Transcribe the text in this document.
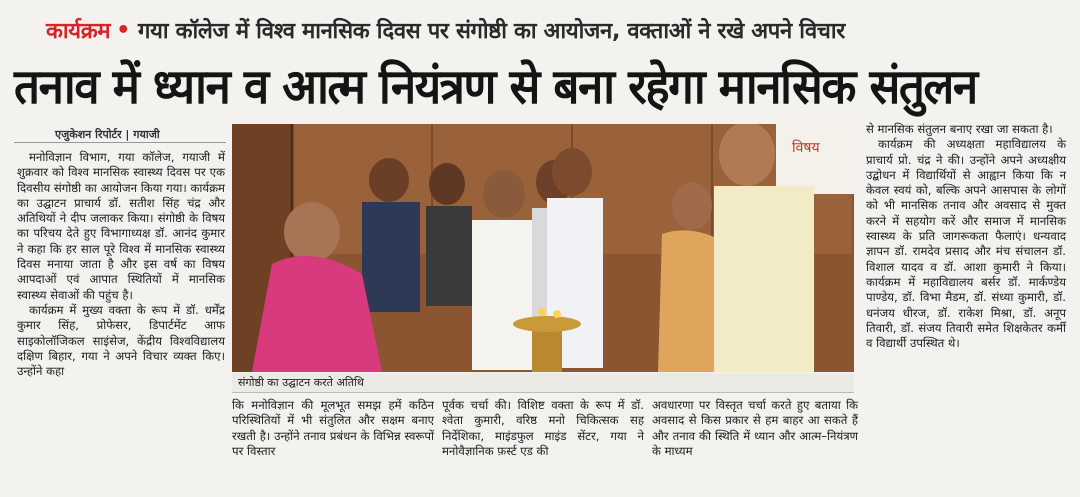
कार्यक्रम • गया कॉलेज में विश्व मानसिक दिवस पर संगोष्ठी का आयोजन, वक्ताओं ने रखे अपने विचार
तनाव में ध्यान व आत्म नियंत्रण से बना रहेगा मानसिक संतुलन
एजुकेशन रिपोर्टर | गयाजी

मनोविज्ञान विभाग, गया कॉलेज, गयाजी में शुक्रवार को विश्व मानसिक स्वास्थ्य दिवस पर एक दिवसीय संगोष्ठी का आयोजन किया गया। कार्यक्रम का उद्घाटन प्राचार्य डॉ. सतीश सिंह चंद्र और अतिथियों ने दीप जलाकर किया। संगोष्ठी के विषय का परिचय देते हुए विभागाध्यक्ष डॉ. आनंद कुमार ने कहा कि हर साल पूरे विश्व में मानसिक स्वास्थ्य दिवस मनाया जाता है और इस वर्ष का विषय आपदाओं एवं आपात स्थितियों में मानसिक स्वास्थ्य सेवाओं की पहुंच है।

कार्यक्रम में मुख्य वक्ता के रूप में डॉ. धर्मेंद्र कुमार सिंह, प्रोफेसर, डिपार्टमेंट आफ साइकोलॉजिकल साइंसेज, केंद्रीय विश्वविद्यालय दक्षिण बिहार, गया ने अपने विचार व्यक्त किए। उन्होंने कहा

विषय
संगोष्ठी का उद्घाटन करते अतिथि

कि मनोविज्ञान की मूलभूत समझ हमें कठिन परिस्थितियों में भी संतुलित और सक्षम बनाए रखती है। उन्होंने तनाव प्रबंधन के विभिन्न स्वरूपों पर विस्तार

पूर्वक चर्चा की। विशिष्ट वक्ता के रूप में डॉ. श्वेता कुमारी, वरिष्ठ मनो चिकित्सक सह निर्देशिका, माइंडफुल माइंड सेंटर, गया ने मनोवैज्ञानिक फ़र्स्ट एड की

अवधारणा पर विस्तृत चर्चा करते हुए बताया कि अवसाद से किस प्रकार से हम बाहर आ सकते हैं और तनाव की स्थिति में ध्यान और आत्म–नियंत्रण के माध्यम

से मानसिक संतुलन बनाए रखा जा सकता है।

कार्यक्रम की अध्यक्षता महाविद्यालय के प्राचार्य प्रो. चंद्र ने की। उन्होंने अपने अध्यक्षीय उद्बोधन में विद्यार्थियों से आह्वान किया कि न केवल स्वयं को, बल्कि अपने आसपास के लोगों को भी मानसिक तनाव और अवसाद से मुक्त करने में सहयोग करें और समाज में मानसिक स्वास्थ्य के प्रति जागरूकता फैलाएं। धन्यवाद ज्ञापन डॉ. रामदेव प्रसाद और मंच संचालन डॉ. विशाल यादव व डॉ. आशा कुमारी ने किया। कार्यक्रम में महाविद्यालय बर्सर डॉ. मार्कण्डेय पाण्डेय, डॉ. विभा मैडम, डॉ. संध्या कुमारी, डॉ. धनंजय धीरज, डॉ. राकेश मिश्रा, डॉ. अनूप तिवारी, डॉ. संजय तिवारी समेत शिक्षकेतर कर्मी व विद्यार्थी उपस्थित थे।
